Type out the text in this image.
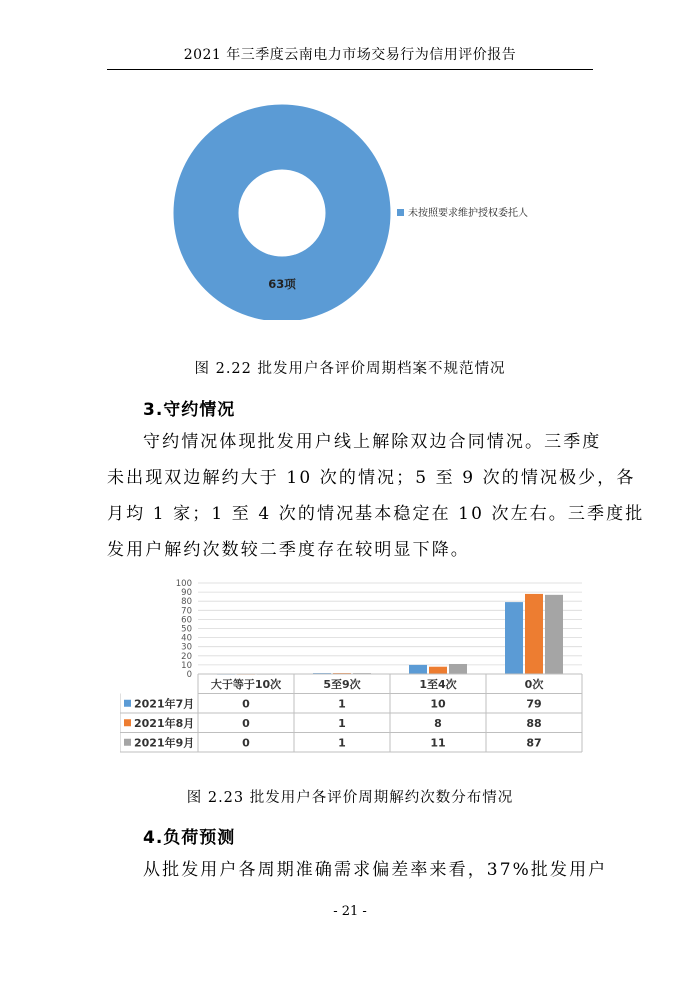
2021 年三季度云南电力市场交易行为信用评价报告
63项
未按照要求维护授权委托人
图 2.22 批发用户各评价周期档案不规范情况
3.守约情况
守约情况体现批发用户线上解除双边合同情况。三季度
未出现双边解约大于 10 次的情况；5 至 9 次的情况极少，各
月均 1 家；1 至 4 次的情况基本稳定在 10 次左右。三季度批
发用户解约次数较二季度存在较明显下降。
0
10
20
30
40
50
60
70
80
90
100
大于等于10次	5至9次	1至4次	0次
2021年7月	0	1	10	79
2021年8月	0	1	8	88
2021年9月	0	1	11	87
图 2.23 批发用户各评价周期解约次数分布情况
4.负荷预测
从批发用户各周期准确需求偏差率来看，37%批发用户
- 21 -
